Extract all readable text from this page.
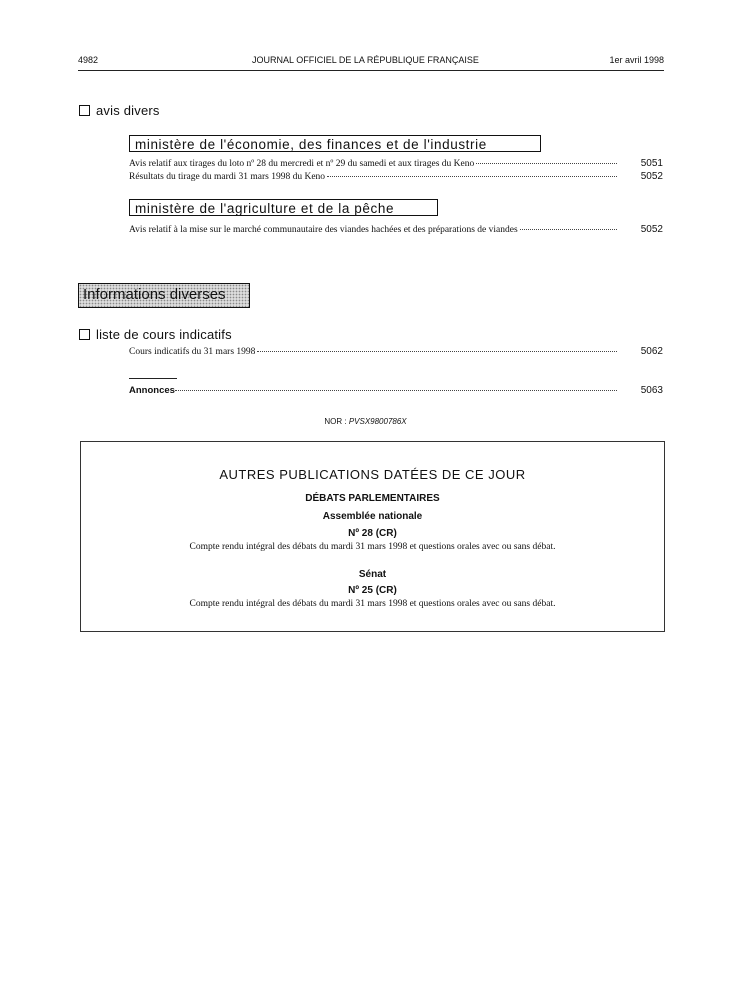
4982	JOURNAL OFFICIEL DE LA RÉPUBLIQUE FRANÇAISE	1er avril 1998
avis divers
ministère de l'économie, des finances et de l'industrie
Avis relatif aux tirages du loto nº 28 du mercredi et nº 29 du samedi et aux tirages du Keno	5051
Résultats du tirage du mardi 31 mars 1998 du Keno	5052
ministère de l'agriculture et de la pêche
Avis relatif à la mise sur le marché communautaire des viandes hachées et des préparations de viandes	5052
Informations diverses
liste de cours indicatifs
Cours indicatifs du 31 mars 1998	5062
Annonces	5063
NOR : PVSX9800786X
AUTRES PUBLICATIONS DATÉES DE CE JOUR
DÉBATS PARLEMENTAIRES
Assemblée nationale
Nº 28 (CR)
Compte rendu intégral des débats du mardi 31 mars 1998 et questions orales avec ou sans débat.
Sénat
Nº 25 (CR)
Compte rendu intégral des débats du mardi 31 mars 1998 et questions orales avec ou sans débat.
